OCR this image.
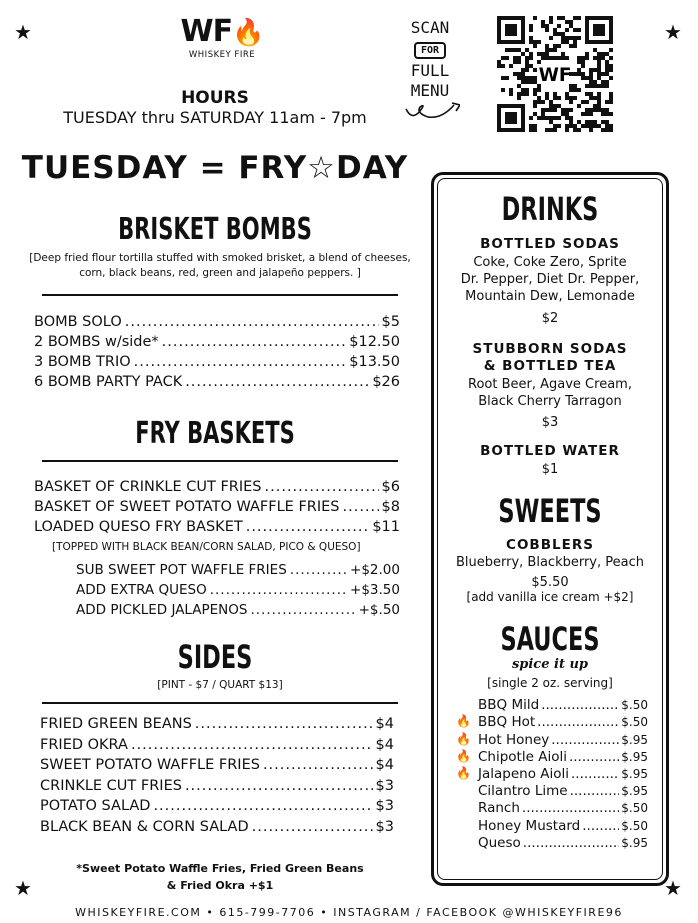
★	★
★	★
WF🔥
WHISKEY FIRE
HOURS
TUESDAY thru SATURDAY 11am - 7pm
SCAN
FOR
FULL
MENU
WF
TUESDAY = FRY☆DAY
BRISKET BOMBS
[Deep fried flour tortilla stuffed with smoked brisket, a blend of cheeses,
corn, black beans, red, green and jalapeño peppers. ]
BOMB SOLO .....	$5
2 BOMBS w/side* .....	$12.50
3 BOMB TRIO .....	$13.50
6 BOMB PARTY PACK .....	$26
FRY BASKETS
BASKET OF CRINKLE CUT FRIES .....	$6
BASKET OF SWEET POTATO WAFFLE FRIES .....	$8
LOADED QUESO FRY BASKET .....	$11
[TOPPED WITH BLACK BEAN/CORN SALAD, PICO & QUESO]
SUB SWEET POT WAFFLE FRIES .....	+$2.00
ADD EXTRA QUESO .....	+$3.50
ADD PICKLED JALAPENOS .....	+$.50
SIDES
[PINT - $7 / QUART $13]
FRIED GREEN BEANS .....	$4
FRIED OKRA .....	$4
SWEET POTATO WAFFLE FRIES .....	$4
CRINKLE CUT FRIES .....	$3
POTATO SALAD .....	$3
BLACK BEAN & CORN SALAD .....	$3
*Sweet Potato Waffle Fries, Fried Green Beans
& Fried Okra +$1
DRINKS
BOTTLED SODAS
Coke, Coke Zero, Sprite
Dr. Pepper, Diet Dr. Pepper,
Mountain Dew, Lemonade
$2
STUBBORN SODAS
& BOTTLED TEA
Root Beer, Agave Cream,
Black Cherry Tarragon
$3
BOTTLED WATER
$1
SWEETS
COBBLERS
Blueberry, Blackberry, Peach
$5.50
[add vanilla ice cream +$2]
SAUCES
spice it up
[single 2 oz. serving]
🔥
🔥
🔥
🔥
BBQ Mild .....	$.50
BBQ Hot .....	$.50
Hot Honey .....	$.95
Chipotle Aioli .....	$.95
Jalapeno Aioli .....	$.95
Cilantro Lime .....	$.95
Ranch .....	$.50
Honey Mustard .....	$.50
Queso .....	$.95
WHISKEYFIRE.COM • 615-799-7706 • INSTAGRAM / FACEBOOK @WHISKEYFIRE96
